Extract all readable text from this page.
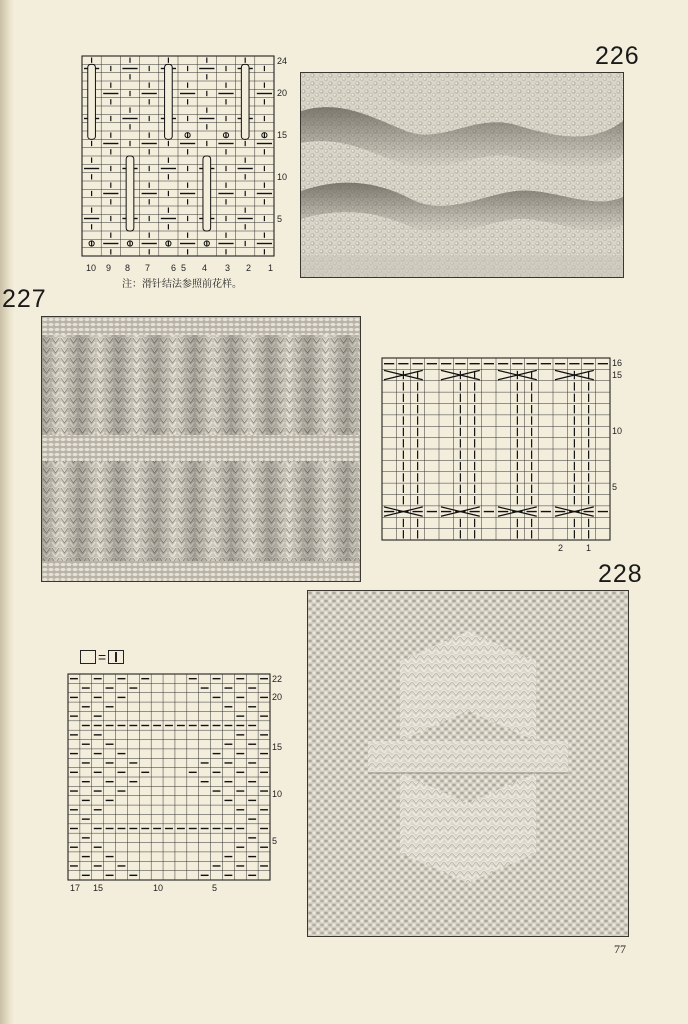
226
24
20
15
10
5
10 9 8 7 6 5 4 3 2 1
注：滑针结法参照前花样。
227
16
15
10
5
2	1
228
=
22
20
15
10
5
17 15	10	5
77
